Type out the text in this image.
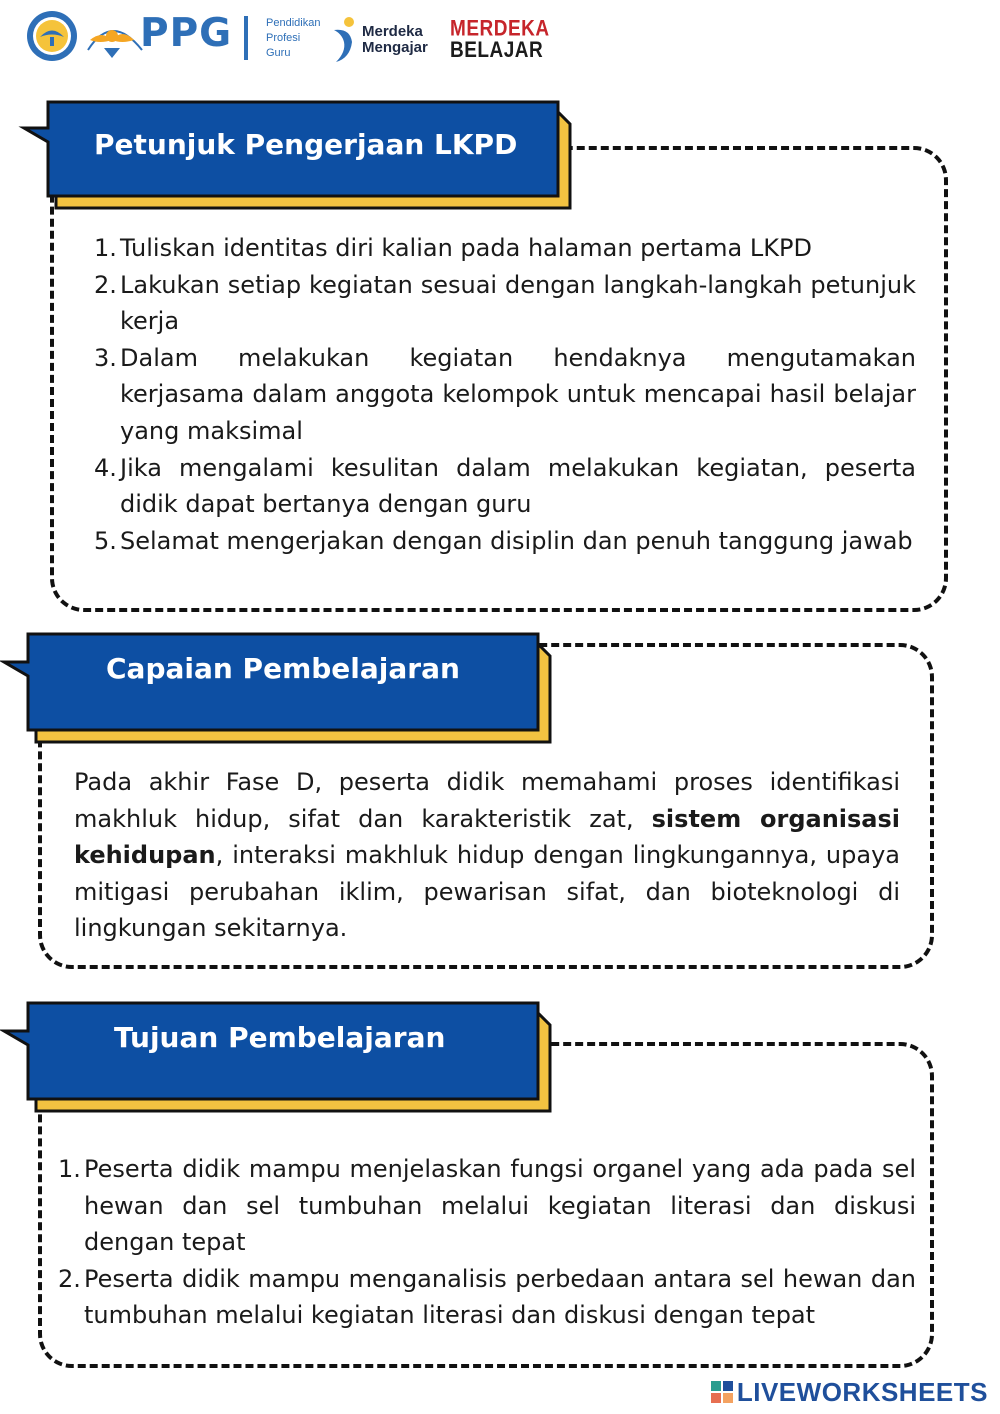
PPG	Pendidikan
Profesi
Guru
Merdeka
Mengajar
MERDEKA
BELAJAR
Petunjuk Pengerjaan LKPD
1. Tuliskan identitas diri kalian pada halaman pertama LKPD
2. Lakukan setiap kegiatan sesuai dengan langkah-langkah petunjuk kerja
3. Dalam melakukan kegiatan hendaknya mengutamakan kerjasama dalam anggota kelompok untuk mencapai hasil belajar yang maksimal
4. Jika mengalami kesulitan dalam melakukan kegiatan, peserta didik dapat bertanya dengan guru
5. Selamat mengerjakan dengan disiplin dan penuh tanggung jawab
Capaian Pembelajaran

Pada akhir Fase D, peserta didik memahami proses identifikasi makhluk hidup, sifat dan karakteristik zat, sistem organisasi kehidupan, interaksi makhluk hidup dengan lingkungannya, upaya mitigasi perubahan iklim, pewarisan sifat, dan bioteknologi di lingkungan sekitarnya.

Tujuan Pembelajaran
1. Peserta didik mampu menjelaskan fungsi organel yang ada pada sel hewan dan sel tumbuhan melalui kegiatan literasi dan diskusi dengan tepat
2. Peserta didik mampu menganalisis perbedaan antara sel hewan dan tumbuhan melalui kegiatan literasi dan diskusi dengan tepat
LIVEWORKSHEETS
